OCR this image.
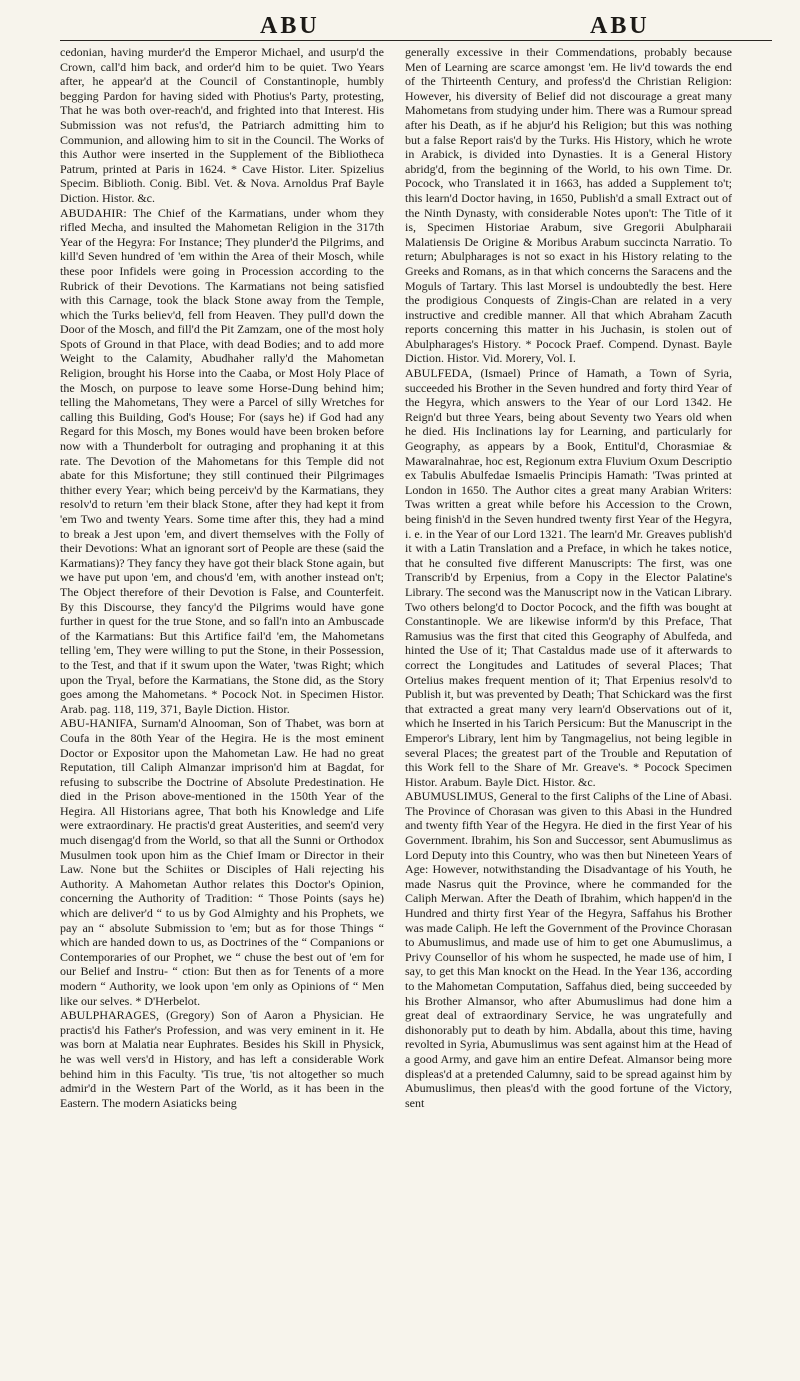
ABU	ABU

cedonian, having murder'd the Emperor Michael, and usurp'd the Crown, call'd him back, and order'd him to be quiet. Two Years after, he appear'd at the Council of Constantinople, humbly begging Pardon for having sided with Photius's Party, protesting, That he was both over-reach'd, and frighted into that Interest. His Submission was not refus'd, the Patriarch admitting him to Communion, and allowing him to sit in the Council. The Works of this Author were inserted in the Supplement of the Bibliotheca Patrum, printed at Paris in 1624. * Cave Histor. Liter. Spizelius Specim. Biblioth. Conig. Bibl. Vet. & Nova. Arnoldus Praf Bayle Diction. Histor. &c.

ABUDAHIR: The Chief of the Karmatians, under whom they rifled Mecha, and insulted the Mahometan Religion in the 317th Year of the Hegyra: For Instance; They plunder'd the Pilgrims, and kill'd Seven hundred of 'em within the Area of their Mosch, while these poor Infidels were going in Procession according to the Rubrick of their Devotions. The Karmatians not being satisfied with this Carnage, took the black Stone away from the Temple, which the Turks believ'd, fell from Heaven. They pull'd down the Door of the Mosch, and fill'd the Pit Zamzam, one of the most holy Spots of Ground in that Place, with dead Bodies; and to add more Weight to the Calamity, Abudhaher rally'd the Mahometan Religion, brought his Horse into the Caaba, or Most Holy Place of the Mosch, on purpose to leave some Horse-Dung behind him; telling the Mahometans, They were a Parcel of silly Wretches for calling this Building, God's House; For (says he) if God had any Regard for this Mosch, my Bones would have been broken before now with a Thunderbolt for outraging and prophaning it at this rate. The Devotion of the Mahometans for this Temple did not abate for this Misfortune; they still continued their Pilgrimages thither every Year; which being perceiv'd by the Karmatians, they resolv'd to return 'em their black Stone, after they had kept it from 'em Two and twenty Years. Some time after this, they had a mind to break a Jest upon 'em, and divert themselves with the Folly of their Devotions: What an ignorant sort of People are these (said the Karmatians)? They fancy they have got their black Stone again, but we have put upon 'em, and chous'd 'em, with another instead on't; The Object therefore of their Devotion is False, and Counterfeit. By this Discourse, they fancy'd the Pilgrims would have gone further in quest for the true Stone, and so fall'n into an Ambuscade of the Karmatians: But this Artifice fail'd 'em, the Mahometans telling 'em, They were willing to put the Stone, in their Possession, to the Test, and that if it swum upon the Water, 'twas Right; which upon the Tryal, before the Karmatians, the Stone did, as the Story goes among the Mahometans. * Pocock Not. in Specimen Histor. Arab. pag. 118, 119, 371, Bayle Diction. Histor.

ABU-HANIFA, Surnam'd Alnooman, Son of Thabet, was born at Coufa in the 80th Year of the Hegira. He is the most eminent Doctor or Expositor upon the Mahometan Law. He had no great Reputation, till Caliph Almanzar imprison'd him at Bagdat, for refusing to subscribe the Doctrine of Absolute Predestination. He died in the Prison above-mentioned in the 150th Year of the Hegira. All Historians agree, That both his Knowledge and Life were extraordinary. He practis'd great Austerities, and seem'd very much disengag'd from the World, so that all the Sunni or Orthodox Musulmen took upon him as the Chief Imam or Director in their Law. None but the Schiites or Disciples of Hali rejecting his Authority. A Mahometan Author relates this Doctor's Opinion, concerning the Authority of Tradition: “ Those Points (says he) which are deliver'd “ to us by God Almighty and his Prophets, we pay an “ absolute Submission to 'em; but as for those Things “ which are handed down to us, as Doctrines of the “ Companions or Contemporaries of our Prophet, we “ chuse the best out of 'em for our Belief and Instru- “ ction: But then as for Tenents of a more modern “ Authority, we look upon 'em only as Opinions of “ Men like our selves. * D'Herbelot.

ABULPHARAGES, (Gregory) Son of Aaron a Physician. He practis'd his Father's Profession, and was very eminent in it. He was born at Malatia near Euphrates. Besides his Skill in Physick, he was well vers'd in History, and has left a considerable Work behind him in this Faculty. 'Tis true, 'tis not altogether so much admir'd in the Western Part of the World, as it has been in the Eastern. The modern Asiaticks being

generally excessive in their Commendations, probably because Men of Learning are scarce amongst 'em. He liv'd towards the end of the Thirteenth Century, and profess'd the Christian Religion: However, his diversity of Belief did not discourage a great many Mahometans from studying under him. There was a Rumour spread after his Death, as if he abjur'd his Religion; but this was nothing but a false Report rais'd by the Turks. His History, which he wrote in Arabick, is divided into Dynasties. It is a General History abridg'd, from the beginning of the World, to his own Time. Dr. Pocock, who Translated it in 1663, has added a Supplement to't; this learn'd Doctor having, in 1650, Publish'd a small Extract out of the Ninth Dynasty, with considerable Notes upon't: The Title of it is, Specimen Historiae Arabum, sive Gregorii Abulpharaii Malatiensis De Origine & Moribus Arabum succincta Narratio. To return; Abulpharages is not so exact in his History relating to the Greeks and Romans, as in that which concerns the Saracens and the Moguls of Tartary. This last Morsel is undoubtedly the best. Here the prodigious Conquests of Zingis-Chan are related in a very instructive and credible manner. All that which Abraham Zacuth reports concerning this matter in his Juchasin, is stolen out of Abulpharages's History. * Pocock Praef. Compend. Dynast. Bayle Diction. Histor. Vid. Morery, Vol. I.

ABULFEDA, (Ismael) Prince of Hamath, a Town of Syria, succeeded his Brother in the Seven hundred and forty third Year of the Hegyra, which answers to the Year of our Lord 1342. He Reign'd but three Years, being about Seventy two Years old when he died. His Inclinations lay for Learning, and particularly for Geography, as appears by a Book, Entitul'd, Chorasmiae & Mawaralnahrae, hoc est, Regionum extra Fluvium Oxum Descriptio ex Tabulis Abulfedae Ismaelis Principis Hamath: 'Twas printed at London in 1650. The Author cites a great many Arabian Writers: Twas written a great while before his Accession to the Crown, being finish'd in the Seven hundred twenty first Year of the Hegyra, i. e. in the Year of our Lord 1321. The learn'd Mr. Greaves publish'd it with a Latin Translation and a Preface, in which he takes notice, that he consulted five different Manuscripts: The first, was one Transcrib'd by Erpenius, from a Copy in the Elector Palatine's Library. The second was the Manuscript now in the Vatican Library. Two others belong'd to Doctor Pocock, and the fifth was bought at Constantinople. We are likewise inform'd by this Preface, That Ramusius was the first that cited this Geography of Abulfeda, and hinted the Use of it; That Castaldus made use of it afterwards to correct the Longitudes and Latitudes of several Places; That Ortelius makes frequent mention of it; That Erpenius resolv'd to Publish it, but was prevented by Death; That Schickard was the first that extracted a great many very learn'd Observations out of it, which he Inserted in his Tarich Persicum: But the Manuscript in the Emperor's Library, lent him by Tangmagelius, not being legible in several Places; the greatest part of the Trouble and Reputation of this Work fell to the Share of Mr. Greave's. * Pocock Specimen Histor. Arabum. Bayle Dict. Histor. &c.

ABUMUSLIMUS, General to the first Caliphs of the Line of Abasi. The Province of Chorasan was given to this Abasi in the Hundred and twenty fifth Year of the Hegyra. He died in the first Year of his Government. Ibrahim, his Son and Successor, sent Abumuslimus as Lord Deputy into this Country, who was then but Nineteen Years of Age: However, notwithstanding the Disadvantage of his Youth, he made Nasrus quit the Province, where he commanded for the Caliph Merwan. After the Death of Ibrahim, which happen'd in the Hundred and thirty first Year of the Hegyra, Saffahus his Brother was made Caliph. He left the Government of the Province Chorasan to Abumuslimus, and made use of him to get one Abumuslimus, a Privy Counsellor of his whom he suspected, he made use of him, I say, to get this Man knockt on the Head. In the Year 136, according to the Mahometan Computation, Saffahus died, being succeeded by his Brother Almansor, who after Abumuslimus had done him a great deal of extraordinary Service, he was ungratefully and dishonorably put to death by him. Abdalla, about this time, having revolted in Syria, Abumuslimus was sent against him at the Head of a good Army, and gave him an entire Defeat. Almansor being more displeas'd at a pretended Calumny, said to be spread against him by Abumuslimus, then pleas'd with the good fortune of the Victory, sent
